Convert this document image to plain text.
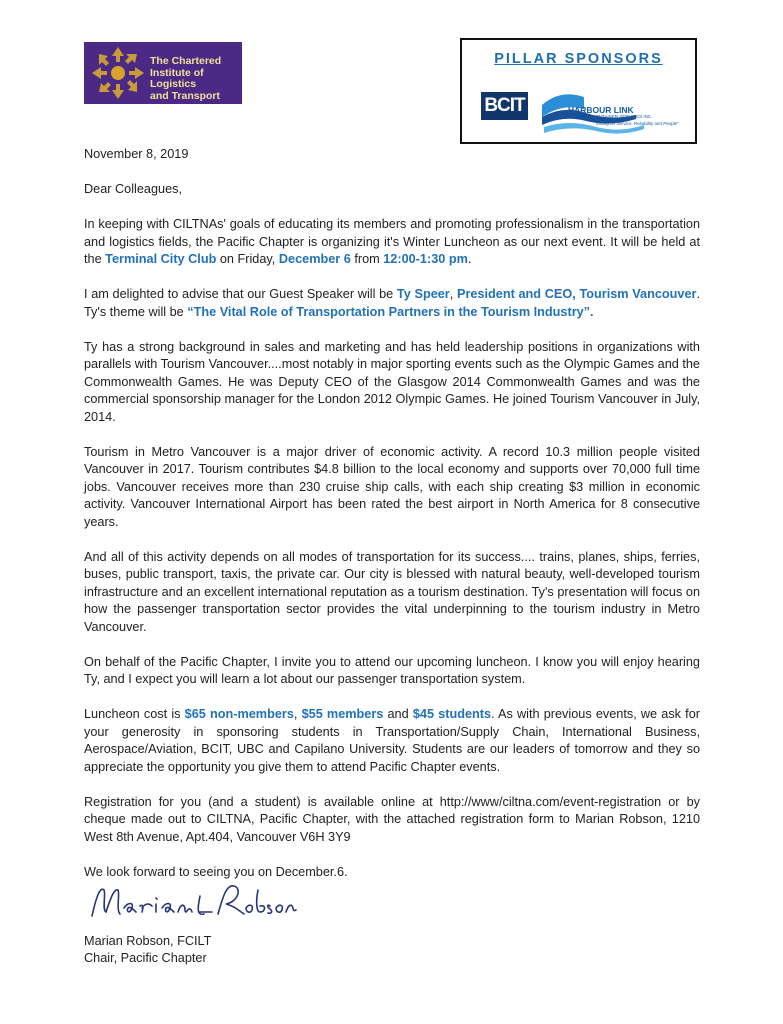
The Chartered
Institute of Logistics
and Transport
PILLAR SPONSORS
BCIT	HARBOUR LINK
CONTAINER SERVICES INC.
"Strong on Service, Reliability and People"

November 8, 2019

Dear Colleagues,

In keeping with CILTNAs' goals of educating its members and promoting professionalism in the transportation and logistics fields, the Pacific Chapter is organizing it's Winter Luncheon as our next event. It will be held at the Terminal City Club on Friday, December 6 from 12:00-1:30 pm.

I am delighted to advise that our Guest Speaker will be Ty Speer, President and CEO, Tourism Vancouver. Ty's theme will be “The Vital Role of Transportation Partners in the Tourism Industry”.

Ty has a strong background in sales and marketing and has held leadership positions in organizations with parallels with Tourism Vancouver....most notably in major sporting events such as the Olympic Games and the Commonwealth Games. He was Deputy CEO of the Glasgow 2014 Commonwealth Games and was the commercial sponsorship manager for the London 2012 Olympic Games. He joined Tourism Vancouver in July, 2014.

Tourism in Metro Vancouver is a major driver of economic activity. A record 10.3 million people visited Vancouver in 2017. Tourism contributes $4.8 billion to the local economy and supports over 70,000 full time jobs. Vancouver receives more than 230 cruise ship calls, with each ship creating $3 million in economic activity. Vancouver International Airport has been rated the best airport in North America for 8 consecutive years.

And all of this activity depends on all modes of transportation for its success.... trains, planes, ships, ferries, buses, public transport, taxis, the private car. Our city is blessed with natural beauty, well-developed tourism infrastructure and an excellent international reputation as a tourism destination. Ty's presentation will focus on how the passenger transportation sector provides the vital underpinning to the tourism industry in Metro Vancouver.

On behalf of the Pacific Chapter, I invite you to attend our upcoming luncheon. I know you will enjoy hearing Ty, and I expect you will learn a lot about our passenger transportation system.

Luncheon cost is $65 non-members, $55 members and $45 students. As with previous events, we ask for your generosity in sponsoring students in Transportation/Supply Chain, International Business, Aerospace/Aviation, BCIT, UBC and Capilano University. Students are our leaders of tomorrow and they so appreciate the opportunity you give them to attend Pacific Chapter events.

Registration for you (and a student) is available online at http://www/ciltna.com/event-registration or by cheque made out to CILTNA, Pacific Chapter, with the attached registration form to Marian Robson, 1210 West 8th Avenue, Apt.404, Vancouver V6H 3Y9

We look forward to seeing you on December.6.

Marian Robson, FCILT
Chair, Pacific Chapter
